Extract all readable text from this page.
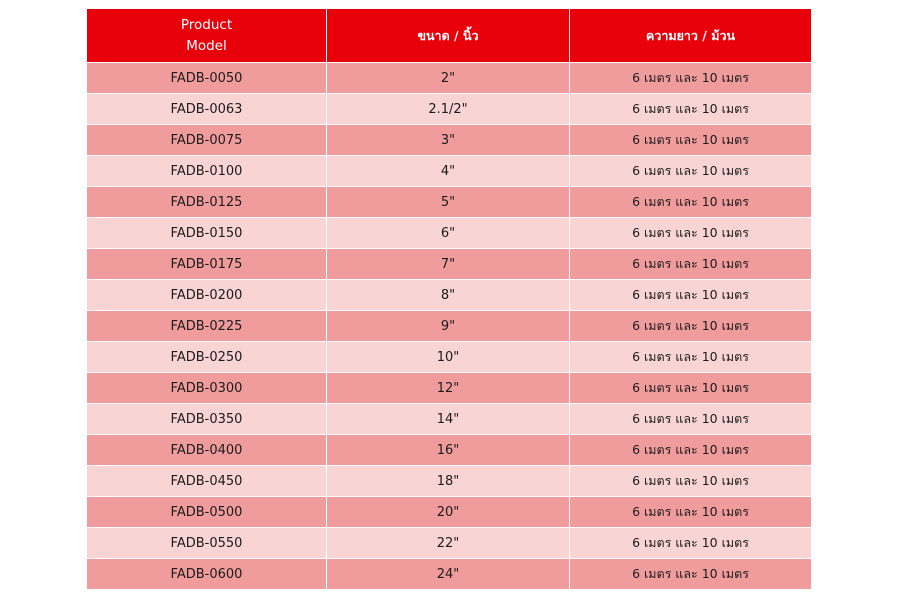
Product
Model	ขนาด / นิ้ว	ความยาว / ม้วน
FADB-0050	2"	6 เมตร และ 10 เมตร
FADB-0063	2.1/2"	6 เมตร และ 10 เมตร
FADB-0075	3"	6 เมตร และ 10 เมตร
FADB-0100	4"	6 เมตร และ 10 เมตร
FADB-0125	5"	6 เมตร และ 10 เมตร
FADB-0150	6"	6 เมตร และ 10 เมตร
FADB-0175	7"	6 เมตร และ 10 เมตร
FADB-0200	8"	6 เมตร และ 10 เมตร
FADB-0225	9"	6 เมตร และ 10 เมตร
FADB-0250	10"	6 เมตร และ 10 เมตร
FADB-0300	12"	6 เมตร และ 10 เมตร
FADB-0350	14"	6 เมตร และ 10 เมตร
FADB-0400	16"	6 เมตร และ 10 เมตร
FADB-0450	18"	6 เมตร และ 10 เมตร
FADB-0500	20"	6 เมตร และ 10 เมตร
FADB-0550	22"	6 เมตร และ 10 เมตร
FADB-0600	24"	6 เมตร และ 10 เมตร
